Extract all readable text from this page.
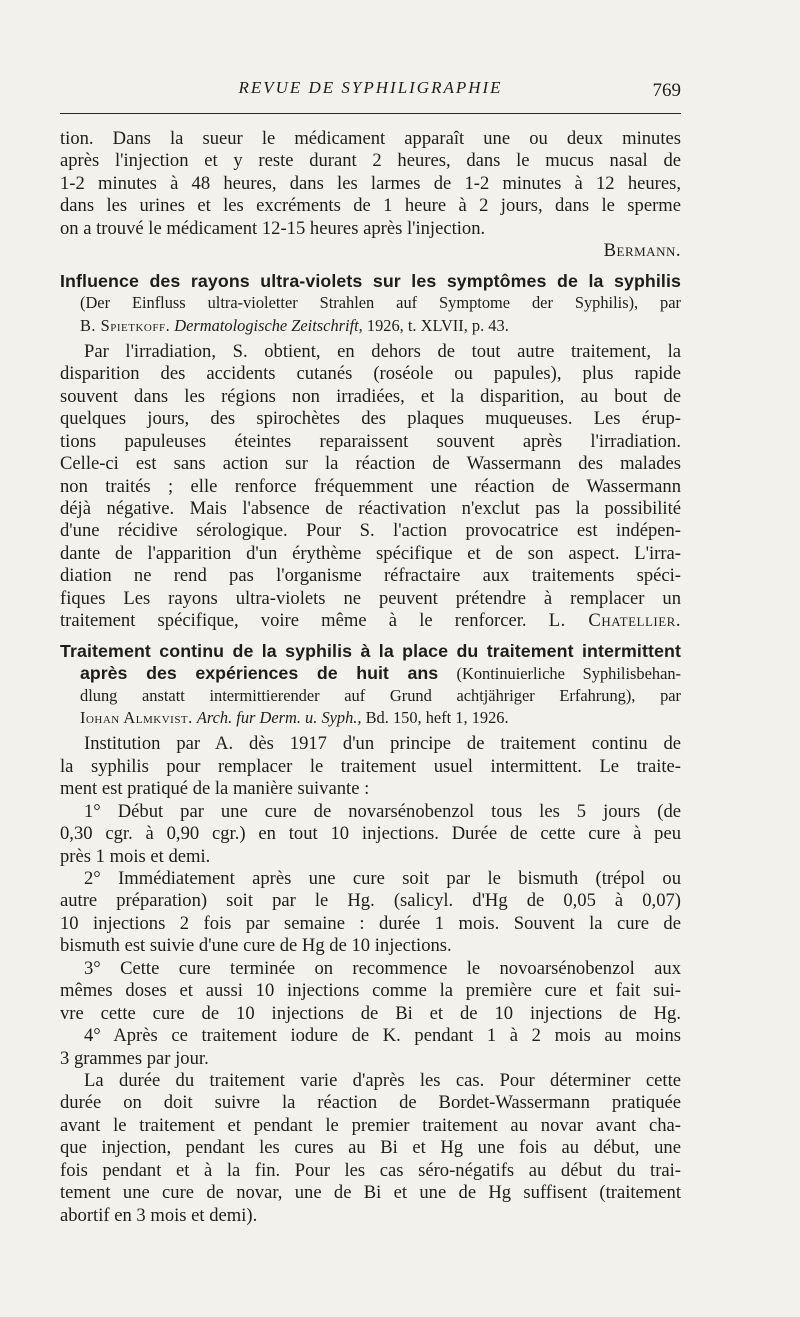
REVUE DE SYPHILIGRAPHIE	769
tion. Dans la sueur le médicament apparaît une ou deux minutes
après l'injection et y reste durant 2 heures, dans le mucus nasal de
1-2 minutes à 48 heures, dans les larmes de 1-2 minutes à 12 heures,
dans les urines et les excréments de 1 heure à 2 jours, dans le sperme
on a trouvé le médicament 12-15 heures après l'injection.
Bermann.
Influence des rayons ultra-violets sur les symptômes de la syphilis
(Der Einfluss ultra-violetter Strahlen auf Symptome der Syphilis), par
B. Spietkoff. Dermatologische Zeitschrift, 1926, t. XLVII, p. 43.
Par l'irradiation, S. obtient, en dehors de tout autre traitement, la
disparition des accidents cutanés (roséole ou papules), plus rapide
souvent dans les régions non irradiées, et la disparition, au bout de
quelques jours, des spirochètes des plaques muqueuses. Les érup-
tions papuleuses éteintes reparaissent souvent après l'irradiation.
Celle-ci est sans action sur la réaction de Wassermann des malades
non traités ; elle renforce fréquemment une réaction de Wassermann
déjà négative. Mais l'absence de réactivation n'exclut pas la possibilité
d'une récidive sérologique. Pour S. l'action provocatrice est indépen-
dante de l'apparition d'un érythème spécifique et de son aspect. L'irra-
diation ne rend pas l'organisme réfractaire aux traitements spéci-
fiques Les rayons ultra-violets ne peuvent prétendre à remplacer un
traitement spécifique, voire même à le renforcer. L. Chatellier.
Traitement continu de la syphilis à la place du traitement intermittent
après des expériences de huit ans (Kontinuierliche Syphilisbehan-
dlung anstatt intermittierender auf Grund achtjähriger Erfahrung), par
Iohan Almkvist. Arch. fur Derm. u. Syph., Bd. 150, heft 1, 1926.
Institution par A. dès 1917 d'un principe de traitement continu de
la syphilis pour remplacer le traitement usuel intermittent. Le traite-
ment est pratiqué de la manière suivante :
1° Début par une cure de novarsénobenzol tous les 5 jours (de
0,30 cgr. à 0,90 cgr.) en tout 10 injections. Durée de cette cure à peu
près 1 mois et demi.
2° Immédiatement après une cure soit par le bismuth (trépol ou
autre préparation) soit par le Hg. (salicyl. d'Hg de 0,05 à 0,07)
10 injections 2 fois par semaine : durée 1 mois. Souvent la cure de
bismuth est suivie d'une cure de Hg de 10 injections.
3° Cette cure terminée on recommence le novoarsénobenzol aux
mêmes doses et aussi 10 injections comme la première cure et fait sui-
vre cette cure de 10 injections de Bi et de 10 injections de Hg.
4° Après ce traitement iodure de K. pendant 1 à 2 mois au moins
3 grammes par jour.
La durée du traitement varie d'après les cas. Pour déterminer cette
durée on doit suivre la réaction de Bordet-Wassermann pratiquée
avant le traitement et pendant le premier traitement au novar avant cha-
que injection, pendant les cures au Bi et Hg une fois au début, une
fois pendant et à la fin. Pour les cas séro-négatifs au début du trai-
tement une cure de novar, une de Bi et une de Hg suffisent (traitement
abortif en 3 mois et demi).
